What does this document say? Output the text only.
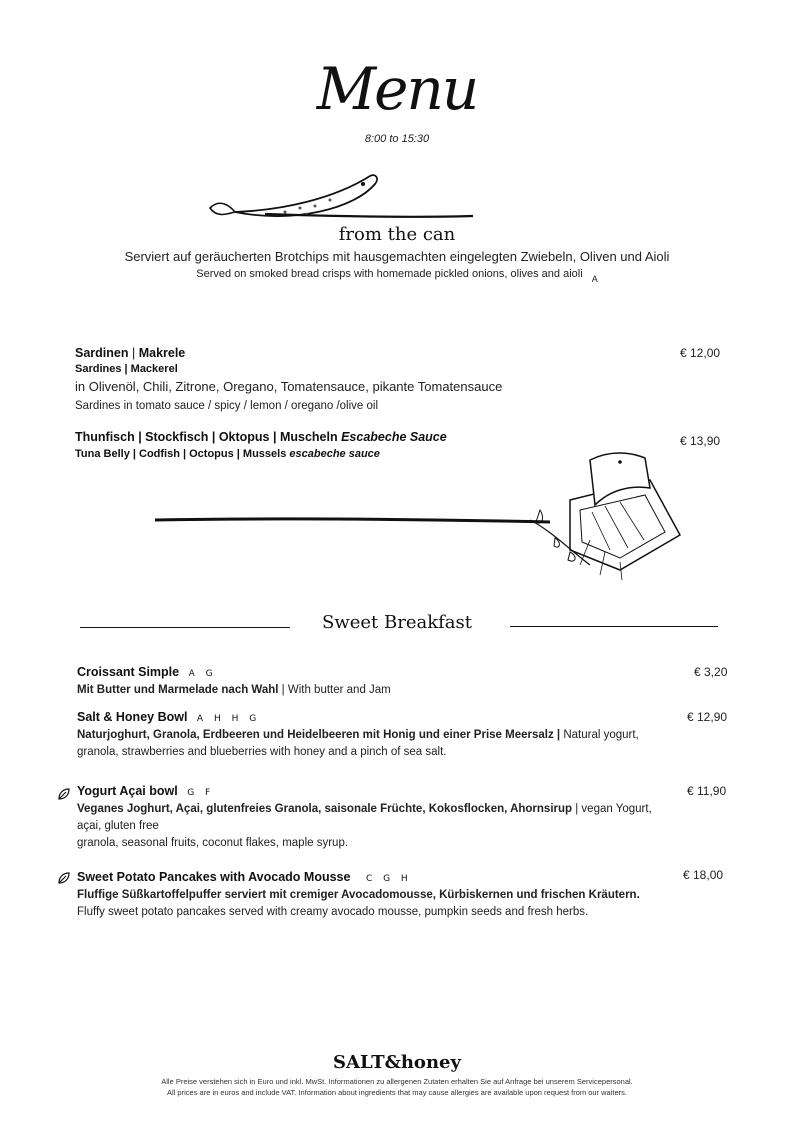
Menu
8:00 to 15:30
from the can
Serviert auf geräucherten Brotchips mit hausgemachten eingelegten Zwiebeln, Oliven und Aioli
Served on smoked bread crisps with homemade pickled onions, olives and aioli $_A$
Sardinen | Makrele	€ 12,00
Sardines | Mackerel
in Olivenöl, Chili, Zitrone, Oregano, Tomatensauce, pikante Tomatensauce
Sardines in tomato sauce / spicy / lemon / oregano /olive oil
Thunfisch | Stockfisch | Oktopus | Muscheln Escabeche Sauce	€ 13,90
Tuna Belly | Codfish | Octopus | Mussels escabeche sauce
Sweet Breakfast
Croissant Simple A G	€ 3,20
Mit Butter und Marmelade nach Wahl | With butter and Jam
Salt & Honey Bowl A H H G	€ 12,90
Naturjoghurt, Granola, Erdbeeren und Heidelbeeren mit Honig und einer Prise Meersalz | Natural yogurt,
granola, strawberries and blueberries with honey and a pinch of sea salt.
Yogurt Açai bowl G F	€ 11,90
Veganes Joghurt, Açai, glutenfreies Granola, saisonale Früchte, Kokosflocken, Ahornsirup | vegan Yogurt,
açai, gluten free
granola, seasonal fruits, coconut flakes, maple syrup.
Sweet Potato Pancakes with Avocado Mousse C G H	€ 18,00
Fluffige Süßkartoffelpuffer serviert mit cremiger Avocadomousse, Kürbiskernen und frischen Kräutern.
Fluffy sweet potato pancakes served with creamy avocado mousse, pumpkin seeds and fresh herbs.
SALT&honey
Alle Preise verstehen sich in Euro und inkl. MwSt. Informationen zu allergenen Zutaten erhalten Sie auf Anfrage bei unserem Servicepersonal.
All prices are in euros and include VAT. Information about ingredients that may cause allergies are available upon request from our waiters.
